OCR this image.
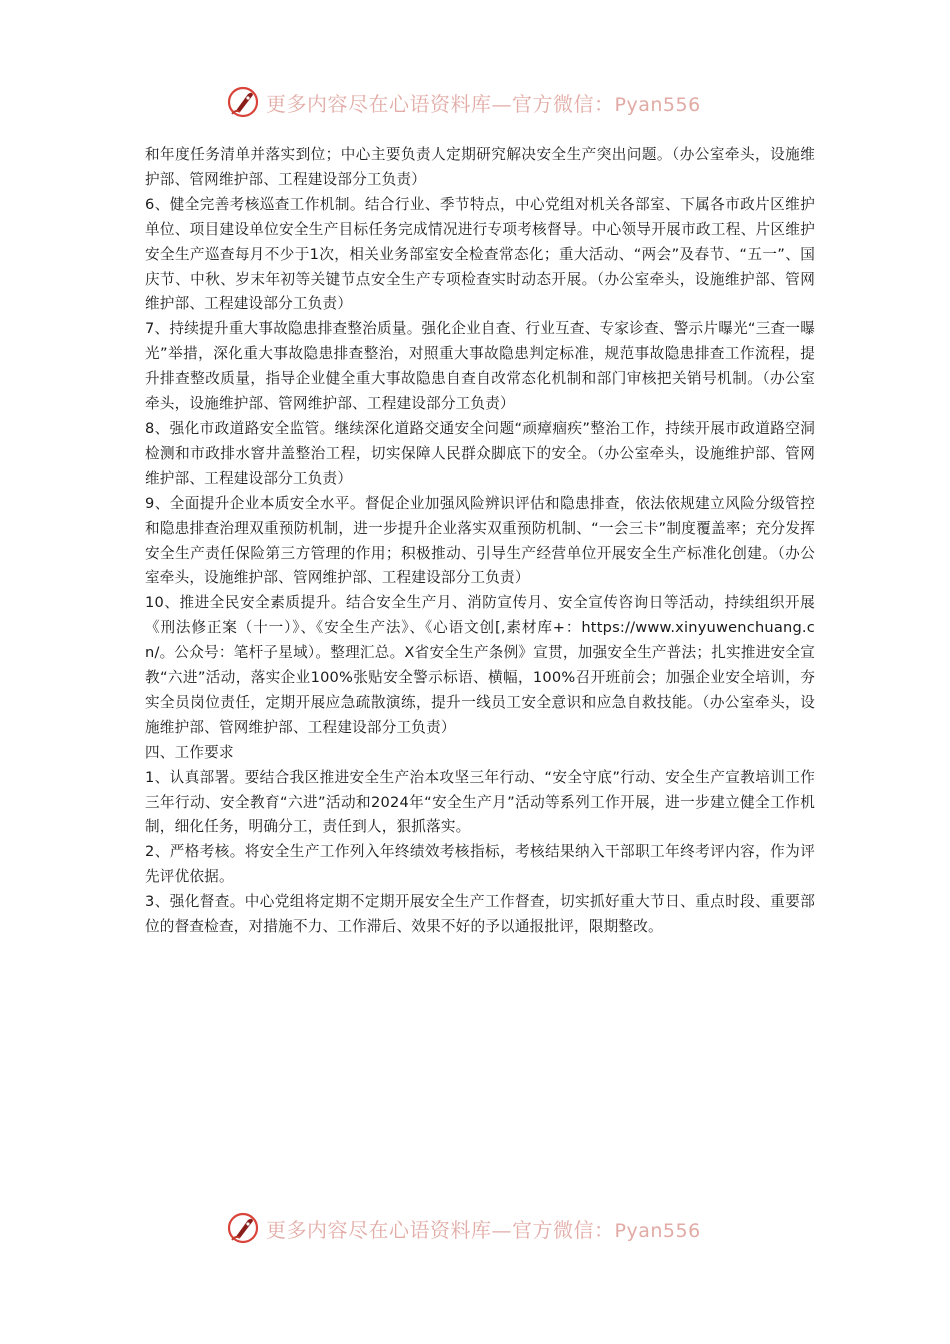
更多内容尽在心语资料库—官方微信：Pyan556

和年度任务清单并落实到位；中心主要负责人定期研究解决安全生产突出问题。（办公室牵头，设施维护部、管网维护部、工程建设部分工负责）

6、健全完善考核巡查工作机制。结合行业、季节特点，中心党组对机关各部室、下属各市政片区维护单位、项目建设单位安全生产目标任务完成情况进行专项考核督导。中心领导开展市政工程、片区维护安全生产巡查每月不少于1次，相关业务部室安全检查常态化；重大活动、“两会”及春节、“五一”、国庆节、中秋、岁末年初等关键节点安全生产专项检查实时动态开展。（办公室牵头，设施维护部、管网维护部、工程建设部分工负责）

7、持续提升重大事故隐患排查整治质量。强化企业自查、行业互查、专家诊查、警示片曝光“三查一曝光”举措，深化重大事故隐患排查整治，对照重大事故隐患判定标准，规范事故隐患排查工作流程，提升排查整改质量，指导企业健全重大事故隐患自查自改常态化机制和部门审核把关销号机制。（办公室牵头，设施维护部、管网维护部、工程建设部分工负责）

8、强化市政道路安全监管。继续深化道路交通安全问题“顽瘴痼疾”整治工作，持续开展市政道路空洞检测和市政排水窨井盖整治工程，切实保障人民群众脚底下的安全。（办公室牵头，设施维护部、管网维护部、工程建设部分工负责）

9、全面提升企业本质安全水平。督促企业加强风险辨识评估和隐患排查，依法依规建立风险分级管控和隐患排查治理双重预防机制，进一步提升企业落实双重预防机制、“一会三卡”制度覆盖率；充分发挥安全生产责任保险第三方管理的作用；积极推动、引导生产经营单位开展安全生产标准化创建。（办公室牵头，设施维护部、管网维护部、工程建设部分工负责）

10、推进全民安全素质提升。结合安全生产月、消防宣传月、安全宣传咨询日等活动，持续组织开展《刑法修正案（十一）》、《安全生产法》、《心语文创[,素材库+：https://www.xinyuwenchuang.cn/。公众号：笔杆子星域）。整理汇总。X省安全生产条例》宣贯，加强安全生产普法；扎实推进安全宣教“六进”活动，落实企业100%张贴安全警示标语、横幅，100%召开班前会；加强企业安全培训，夯实全员岗位责任，定期开展应急疏散演练，提升一线员工安全意识和应急自救技能。（办公室牵头，设施维护部、管网维护部、工程建设部分工负责）

四、工作要求

1、认真部署。要结合我区推进安全生产治本攻坚三年行动、“安全守底”行动、安全生产宣教培训工作三年行动、安全教育“六进”活动和2024年“安全生产月”活动等系列工作开展，进一步建立健全工作机制，细化任务，明确分工，责任到人，狠抓落实。

2、严格考核。将安全生产工作列入年终绩效考核指标，考核结果纳入干部职工年终考评内容，作为评先评优依据。

3、强化督查。中心党组将定期不定期开展安全生产工作督查，切实抓好重大节日、重点时段、重要部位的督查检查，对措施不力、工作滞后、效果不好的予以通报批评，限期整改。

更多内容尽在心语资料库—官方微信：Pyan556
